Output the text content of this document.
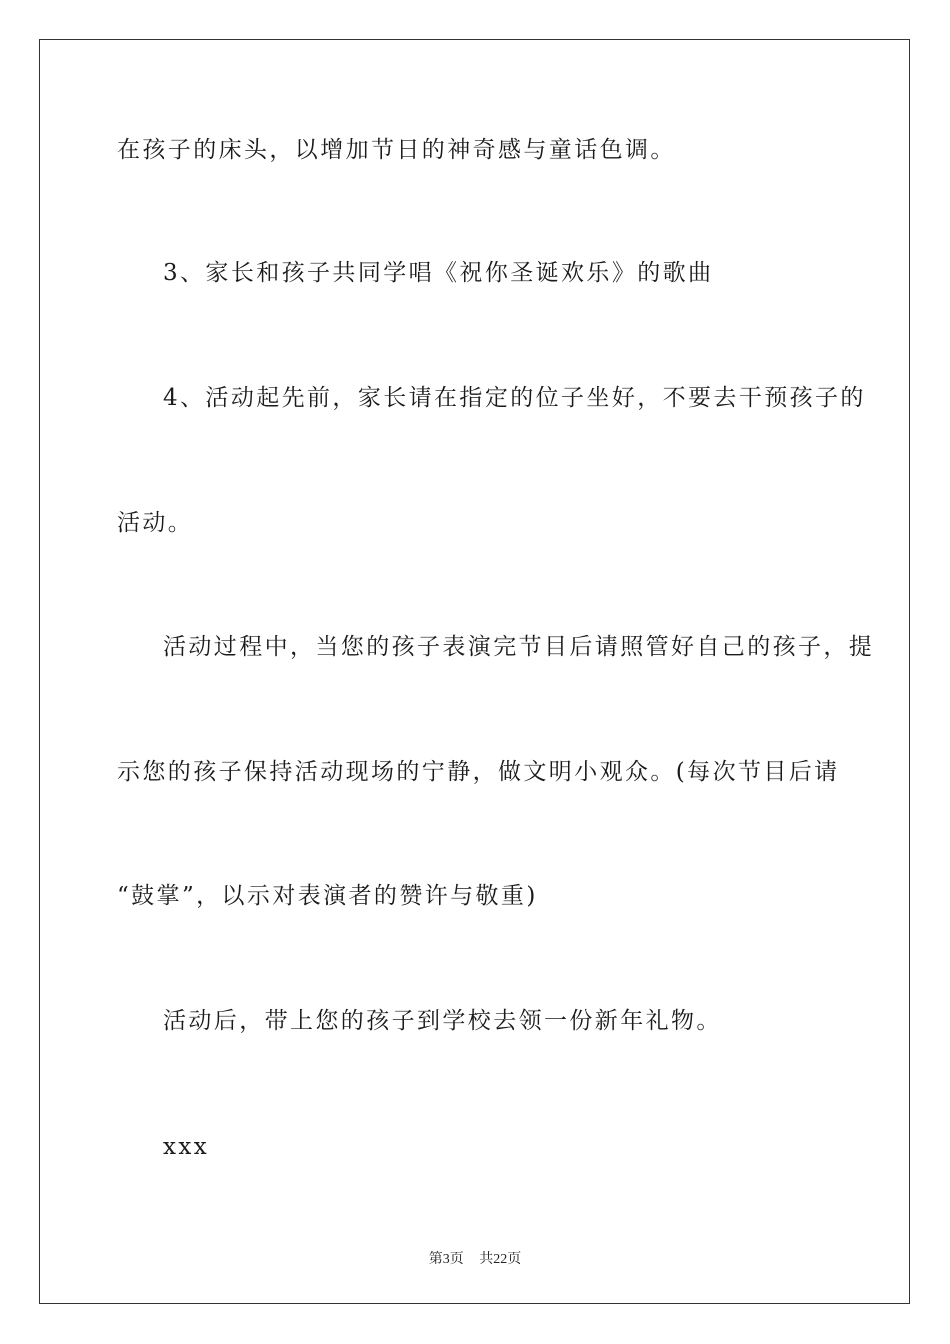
在孩子的床头，以增加节日的神奇感与童话色调。
3、家长和孩子共同学唱《祝你圣诞欢乐》的歌曲
4、活动起先前，家长请在指定的位子坐好，不要去干预孩子的
活动。
活动过程中，当您的孩子表演完节目后请照管好自己的孩子，提
示您的孩子保持活动现场的宁静，做文明小观众。(每次节目后请
“鼓掌”，以示对表演者的赞许与敬重)
活动后，带上您的孩子到学校去领一份新年礼物。
xxx
第3页 共22页
